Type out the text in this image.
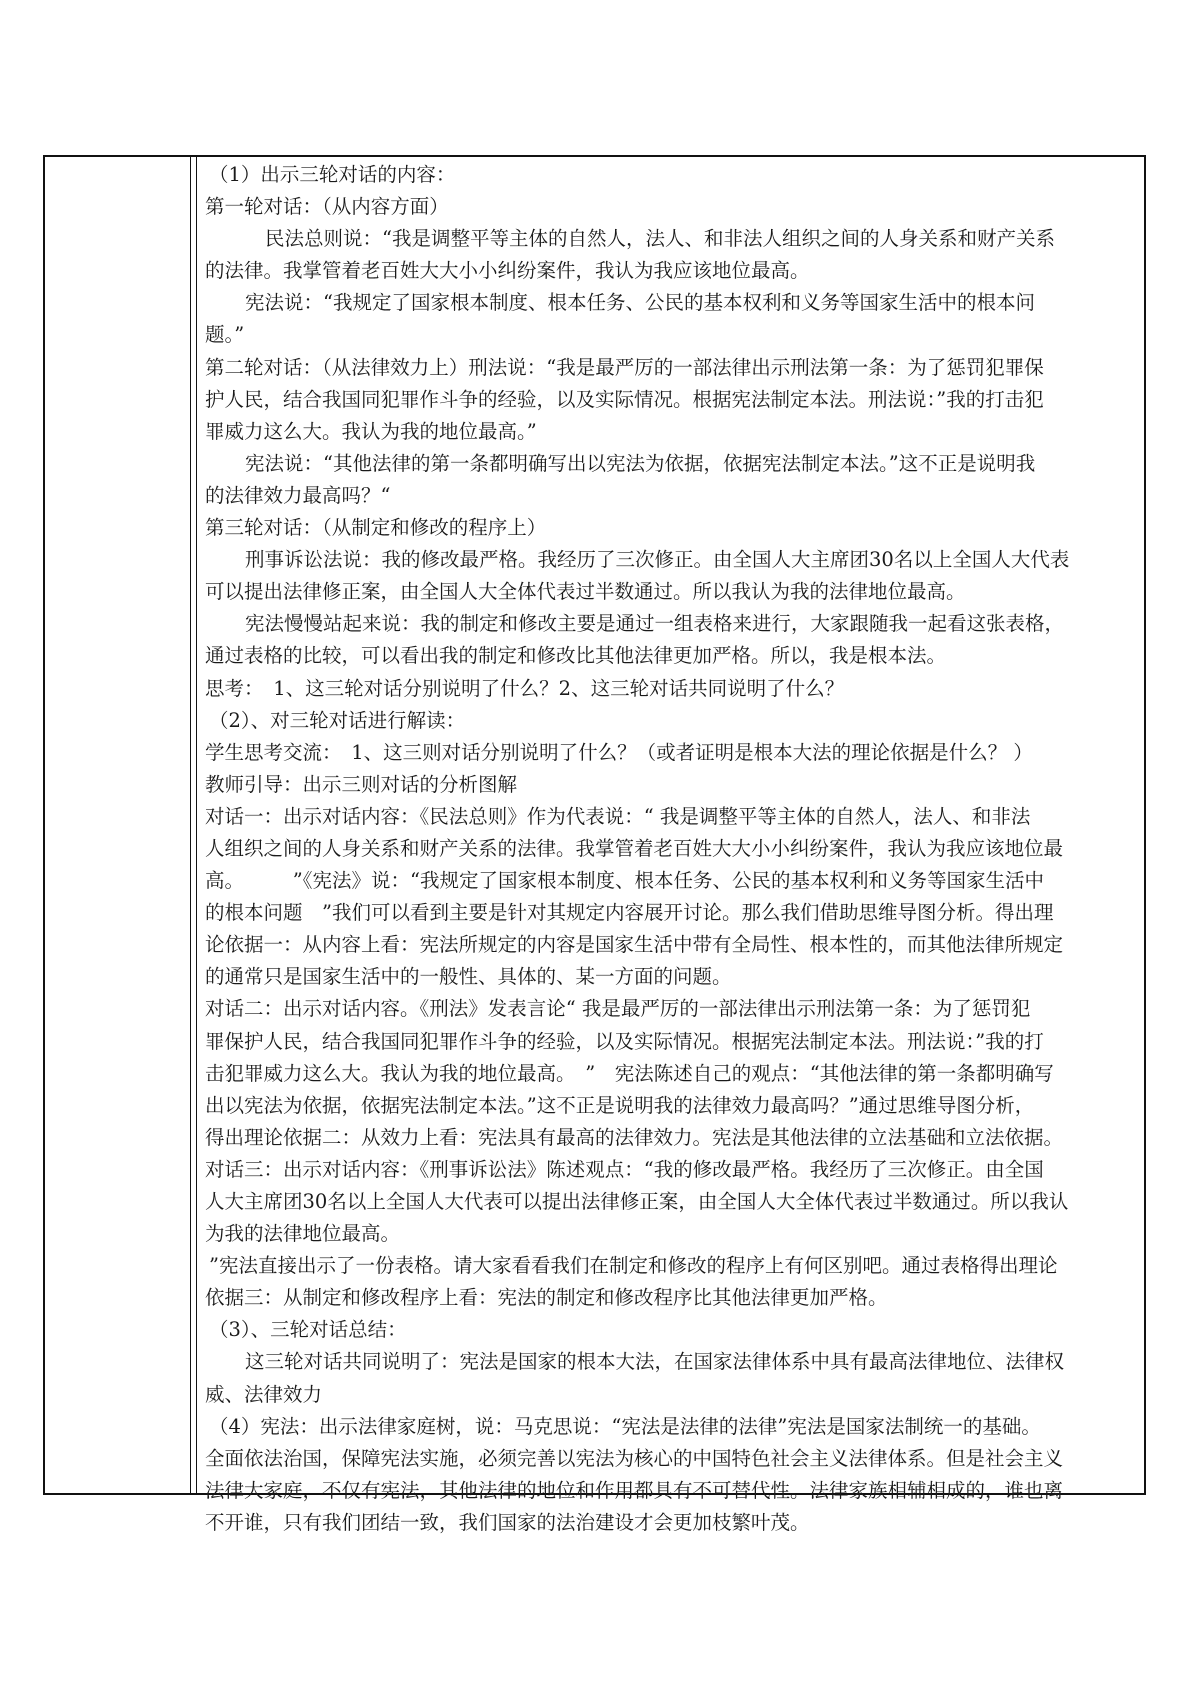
（1）出示三轮对话的内容：
第一轮对话：（从内容方面）
民法总则说：“我是调整平等主体的自然人，法人、和非法人组织之间的人身关系和财产关系
的法律。我掌管着老百姓大大小小纠纷案件，我认为我应该地位最高。
宪法说：“我规定了国家根本制度、根本任务、公民的基本权利和义务等国家生活中的根本问
题。”
第二轮对话：（从法律效力上）刑法说：“我是最严厉的一部法律出示刑法第一条：为了惩罚犯罪保
护人民，结合我国同犯罪作斗争的经验，以及实际情况。根据宪法制定本法。刑法说：”我的打击犯
罪威力这么大。我认为我的地位最高。”
宪法说：“其他法律的第一条都明确写出以宪法为依据，依据宪法制定本法。”这不正是说明我
的法律效力最高吗？“
第三轮对话：（从制定和修改的程序上）
刑事诉讼法说：我的修改最严格。我经历了三次修正。由全国人大主席团30名以上全国人大代表
可以提出法律修正案，由全国人大全体代表过半数通过。所以我认为我的法律地位最高。
宪法慢慢站起来说：我的制定和修改主要是通过一组表格来进行，大家跟随我一起看这张表格，
通过表格的比较，可以看出我的制定和修改比其他法律更加严格。所以，我是根本法。
思考：　1、这三轮对话分别说明了什么？2、这三轮对话共同说明了什么？
（2）、对三轮对话进行解读：
学生思考交流：　1、这三则对话分别说明了什么？（或者证明是根本大法的理论依据是什么？ ）
教师引导：出示三则对话的分析图解
对话一：出示对话内容：《民法总则》作为代表说：“ 我是调整平等主体的自然人，法人、和非法
人组织之间的人身关系和财产关系的法律。我掌管着老百姓大大小小纠纷案件，我认为我应该地位最
高。　　　”《宪法》说：“我规定了国家根本制度、根本任务、公民的基本权利和义务等国家生活中
的根本问题　”我们可以看到主要是针对其规定内容展开讨论。那么我们借助思维导图分析。得出理
论依据一：从内容上看：宪法所规定的内容是国家生活中带有全局性、根本性的，而其他法律所规定
的通常只是国家生活中的一般性、具体的、某一方面的问题。
对话二：出示对话内容。《刑法》发表言论“ 我是最严厉的一部法律出示刑法第一条：为了惩罚犯
罪保护人民，结合我国同犯罪作斗争的经验，以及实际情况。根据宪法制定本法。刑法说：”我的打
击犯罪威力这么大。我认为我的地位最高。　”　宪法陈述自己的观点：“其他法律的第一条都明确写
出以宪法为依据，依据宪法制定本法。”这不正是说明我的法律效力最高吗？”通过思维导图分析，
得出理论依据二：从效力上看：宪法具有最高的法律效力。宪法是其他法律的立法基础和立法依据。
对话三：出示对话内容：《刑事诉讼法》陈述观点：“我的修改最严格。我经历了三次修正。由全国
人大主席团30名以上全国人大代表可以提出法律修正案，由全国人大全体代表过半数通过。所以我认
为我的法律地位最高。
”宪法直接出示了一份表格。请大家看看我们在制定和修改的程序上有何区别吧。通过表格得出理论
依据三：从制定和修改程序上看：宪法的制定和修改程序比其他法律更加严格。
（3）、三轮对话总结：
这三轮对话共同说明了：宪法是国家的根本大法，在国家法律体系中具有最高法律地位、法律权
威、法律效力
（4）宪法：出示法律家庭树，说：马克思说：“宪法是法律的法律”宪法是国家法制统一的基础。
全面依法治国，保障宪法实施，必须完善以宪法为核心的中国特色社会主义法律体系。但是社会主义
法律大家庭，不仅有宪法，其他法律的地位和作用都具有不可替代性。法律家族相辅相成的，谁也离
不开谁，只有我们团结一致，我们国家的法治建设才会更加枝繁叶茂。
